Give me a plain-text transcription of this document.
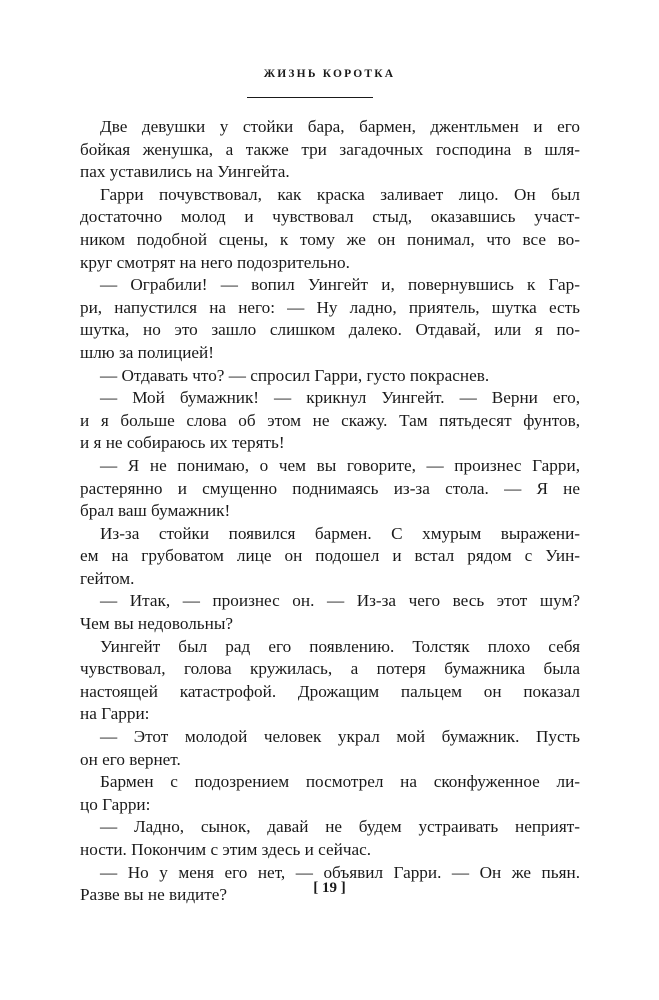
ЖИЗНЬ КОРОТКА
Две девушки у стойки бара, бармен, джентльмен и его
бойкая женушка, а также три загадочных господина в шля-
пах уставились на Уингейта.
Гарри почувствовал, как краска заливает лицо. Он был
достаточно молод и чувствовал стыд, оказавшись участ-
ником подобной сцены, к тому же он понимал, что все во-
круг смотрят на него подозрительно.
— Ограбили! — вопил Уингейт и, повернувшись к Гар-
ри, напустился на него: — Ну ладно, приятель, шутка есть
шутка, но это зашло слишком далеко. Отдавай, или я по-
шлю за полицией!
— Отдавать что? — спросил Гарри, густо покраснев.
— Мой бумажник! — крикнул Уингейт. — Верни его,
и я больше слова об этом не скажу. Там пятьдесят фунтов,
и я не собираюсь их терять!
— Я не понимаю, о чем вы говорите, — произнес Гарри,
растерянно и смущенно поднимаясь из-за стола. — Я не
брал ваш бумажник!
Из-за стойки появился бармен. С хмурым выражени-
ем на грубоватом лице он подошел и встал рядом с Уин-
гейтом.
— Итак, — произнес он. — Из-за чего весь этот шум?
Чем вы недовольны?
Уингейт был рад его появлению. Толстяк плохо себя
чувствовал, голова кружилась, а потеря бумажника была
настоящей катастрофой. Дрожащим пальцем он показал
на Гарри:
— Этот молодой человек украл мой бумажник. Пусть
он его вернет.
Бармен с подозрением посмотрел на сконфуженное ли-
цо Гарри:
— Ладно, сынок, давай не будем устраивать неприят-
ности. Покончим с этим здесь и сейчас.
— Но у меня его нет, — объявил Гарри. — Он же пьян.
Разве вы не видите?	[ 19 ]
